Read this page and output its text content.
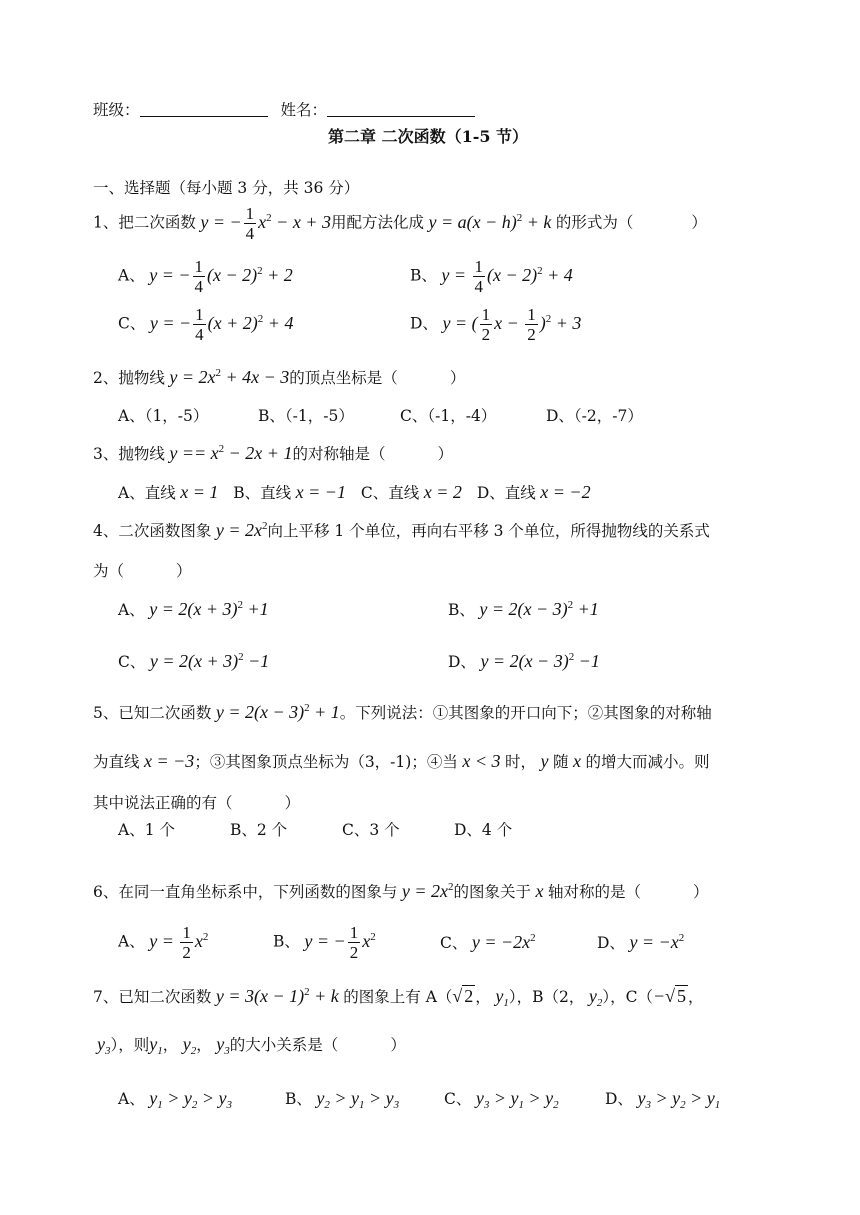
班级：	姓名：
第二章 二次函数（1-5 节）
一、选择题（每小题 3 分，共 36 分）
1、把二次函数 y = − $\frac{1}{4} x^2 - x + 3$用配方法化成 $y = a(x - h)^2 + k$ 的形式为（	）
A、 y = − $\frac{1}{4} (x - 2)^2 + 2$	B、 $y = \frac{1}{4} (x - 2)^2 + 4$
C、 y = − $\frac{1}{4} (x + 2)^2 + 4$	D、 y = ( $\frac{1}{2}$ $x - \frac{1}{2} )^2 + 3$
2、抛物线 $y = 2x^2 + 4x - 3$的顶点坐标是（	）
A、（1，-5）	B、（-1，-5）	C、（-1，-4）	D、（-2，-7）
3、抛物线 $y == x^2 - 2x + 1$的对称轴是（	）
A、直线 x = 1 B、直线 x = −1 C、直线 x = 2 D、直线 x = −2
4、二次函数图象 $y = 2x^2$向上平移 1 个单位，再向右平移 3 个单位，所得抛物线的关系式
为（	）
A、 $y = 2(x + 3)^2 +1$	B、 $y = 2(x - 3)^2 +1$
C、 $y = 2(x + 3)^2 -1$	D、 $y = 2(x - 3)^2 -1$
5、已知二次函数 $y = 2(x - 3)^2 + 1$。下列说法：①其图象的开口向下；②其图象的对称轴
为直线 x = −3；③其图象顶点坐标为（3，-1)；④当 x < 3 时， y 随 x 的增大而减小。则
其中说法正确的有（	）
A、1 个	B、2 个	C、3 个	D、4 个
6、在同一直角坐标系中，下列函数的图象与 $y = 2x^2$的图象关于 x 轴对称的是（	）
A、 $y = \frac{1}{2} x^2$	B、 y = − $\frac{1}{2} x^2$	C、 $y = -2x^2$	D、 $y = -x^2$
7、已知二次函数 $y = 3(x - 1)^2 + k$ 的图象上有 A（√ 2 ， $y_1$），B（2， $y_2$），C（−√ 5 ，
$y_3$），则$y_1$， $y_2$， $y_3$的大小关系是（	）
A、 $y_1 > y_2 > y_3$	B、 $y_2 > y_1 > y_3$	C、 $y_3 > y_1 > y_2$	D、 $y_3 > y_2 > y_1$
